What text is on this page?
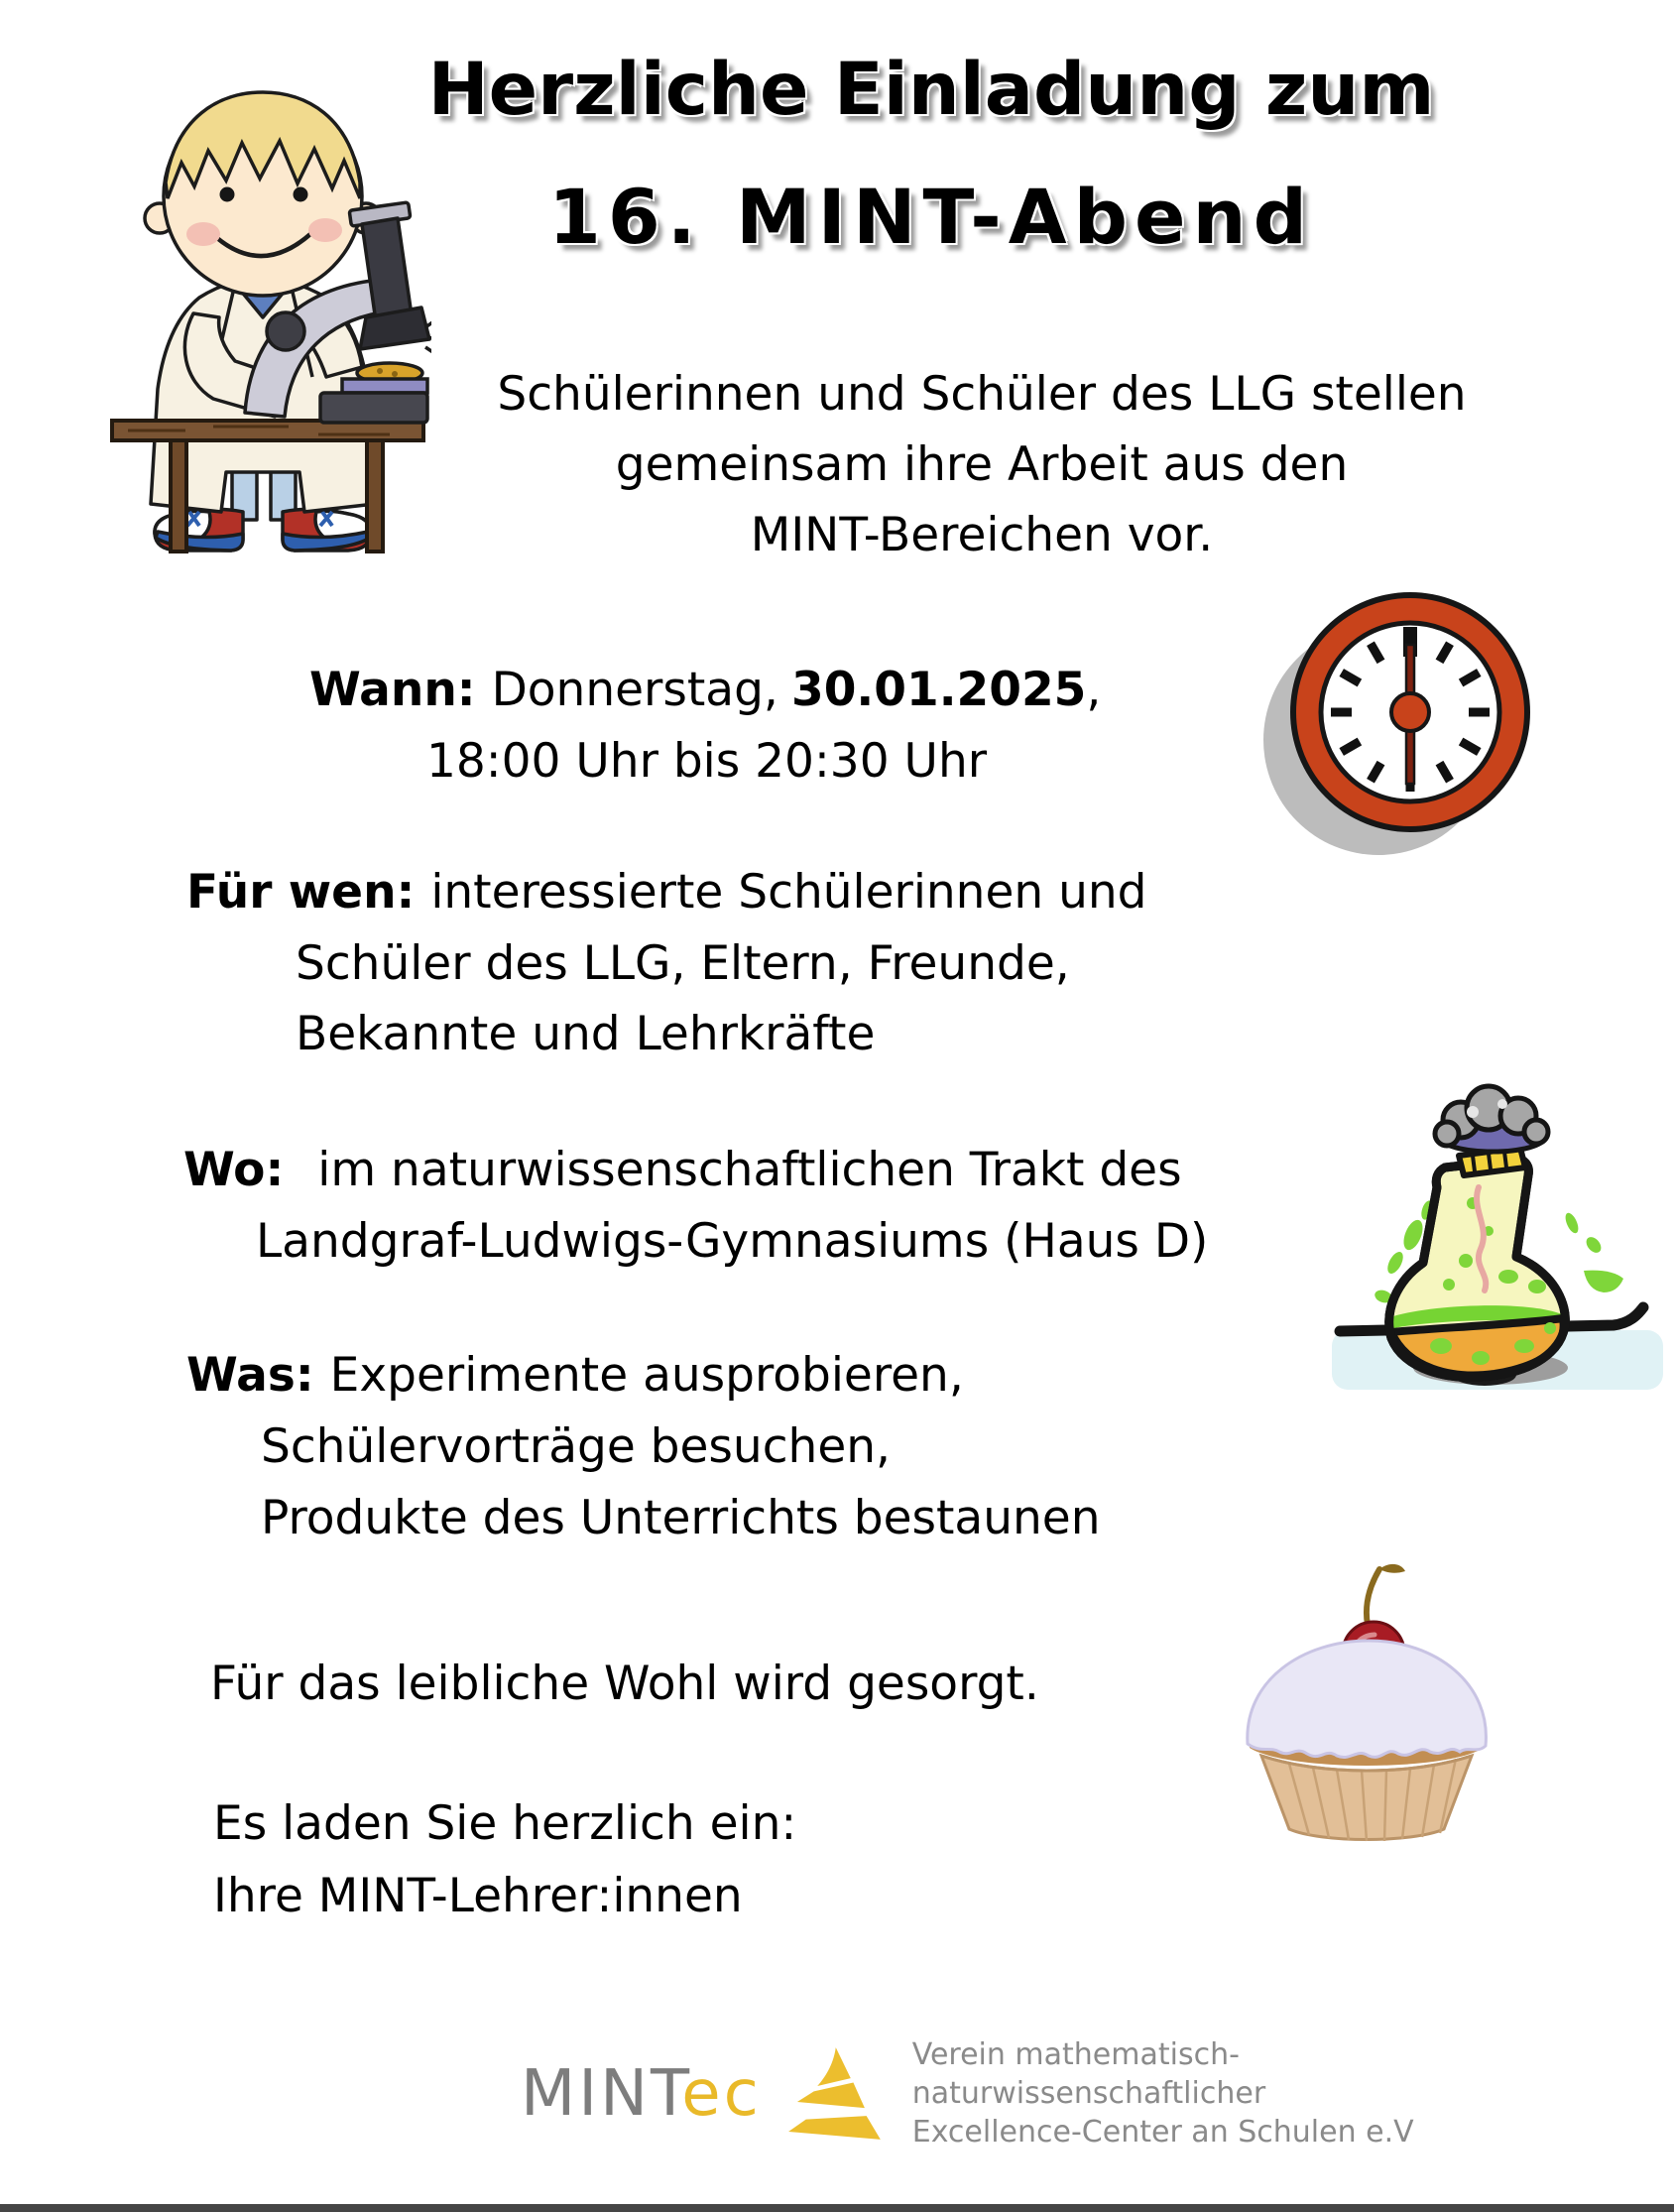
Herzliche Einladung zum
16. MINT-Abend
Schülerinnen und Schüler des LLG stellen
gemeinsam ihre Arbeit aus den
MINT-Bereichen vor.
Wann: Donnerstag, 30.01.2025,
18:00 Uhr bis 20:30 Uhr
Für wen: interessierte Schülerinnen und
Schüler des LLG, Eltern, Freunde,
Bekannte und Lehrkräfte
Wo: im naturwissenschaftlichen Trakt des
Landgraf-Ludwigs-Gymnasiums (Haus D)
Was: Experimente ausprobieren,
Schülervorträge besuchen,
Produkte des Unterrichts bestaunen
Für das leibliche Wohl wird gesorgt.
Es laden Sie herzlich ein:
Ihre MINT-Lehrer:innen
MINTec
Verein mathematisch-
naturwissenschaftlicher
Excellence-Center an Schulen e.V
